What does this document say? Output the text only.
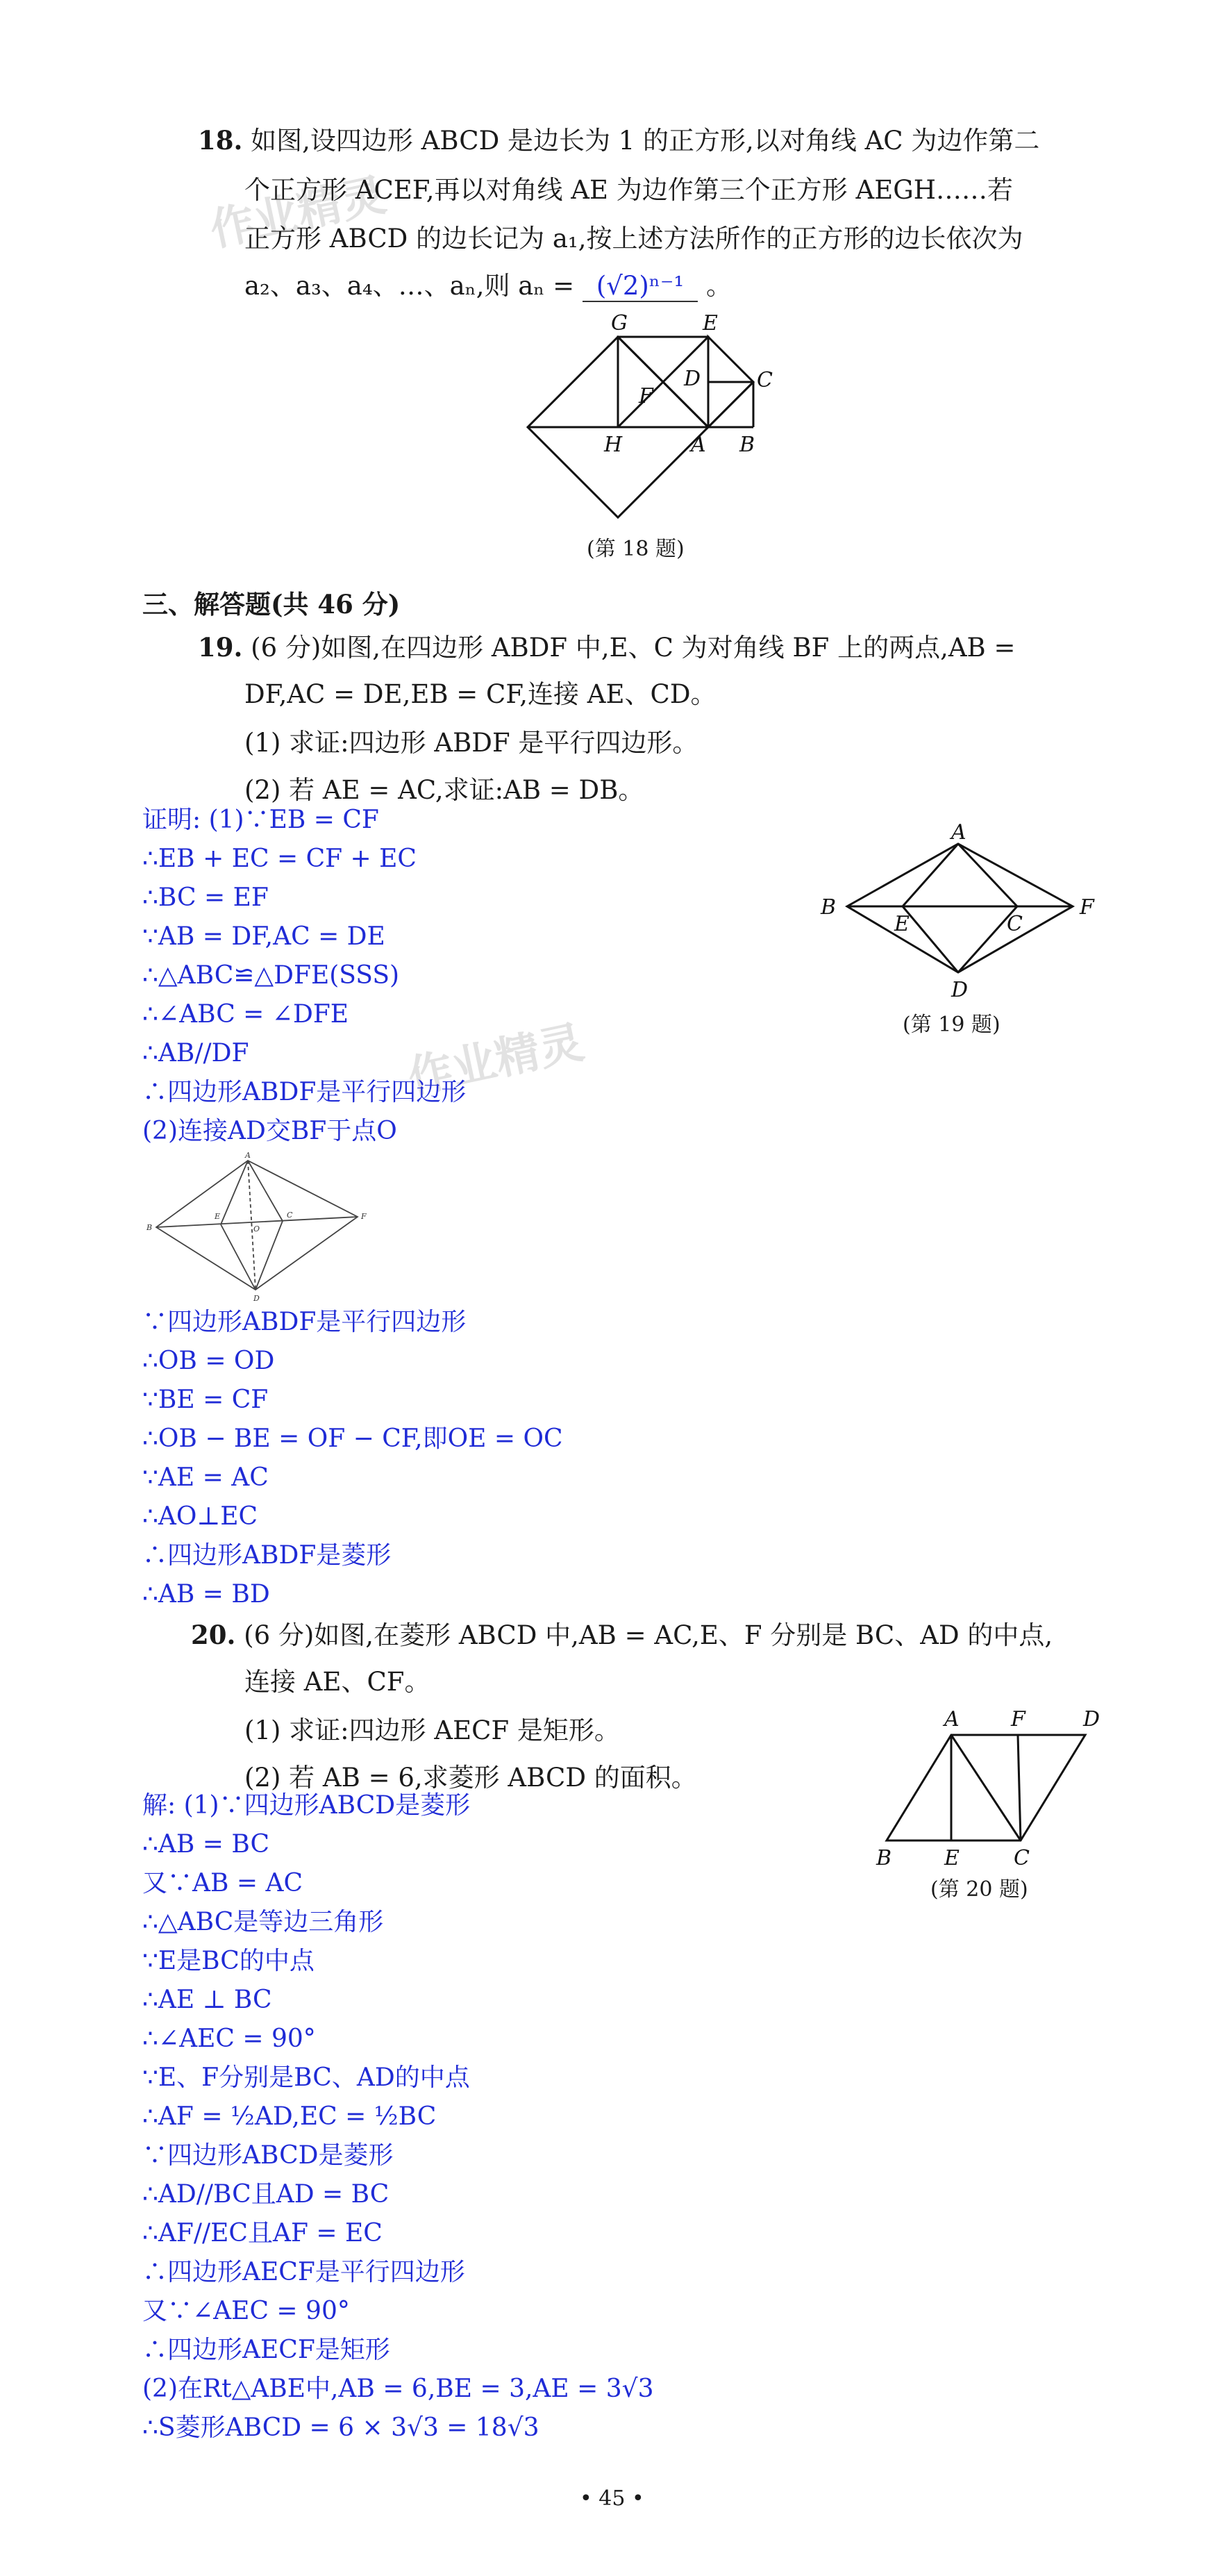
作业精灵
作业精灵
18. 如图,设四边形 ABCD 是边长为 1 的正方形,以对角线 AC 为边作第二
个正方形 ACEF,再以对角线 AE 为边作第三个正方形 AEGH……若
正方形 ABCD 的边长记为 a₁,按上述方法所作的正方形的边长依次为
a₂、a₃、a₄、…、aₙ,则 aₙ = (√2)ⁿ⁻¹ 。
G	E
D	C
F
H	A B
(第 18 题)
三、解答题(共 46 分)
19. (6 分)如图,在四边形 ABDF 中,E、C 为对角线 BF 上的两点,AB =
DF,AC = DE,EB = CF,连接 AE、CD。
(1) 求证:四边形 ABDF 是平行四边形。
(2) 若 AE = AC,求证:AB = DB。
证明: (1)∵EB = CF
∴EB + EC = CF + EC
∴BC = EF
∵AB = DF,AC = DE
∴△ABC≌△DFE(SSS)
∴∠ABC = ∠DFE
∴AB//DF
∴四边形ABDF是平行四边形
(2)连接AD交BF于点O
A
B
E	C
F
D
(第 19 题)
A
B
E
O
C	F
D
∵四边形ABDF是平行四边形
∴OB = OD
∵BE = CF
∴OB − BE = OF − CF,即OE = OC
∵AE = AC
∴AO⊥EC
∴四边形ABDF是菱形
∴AB = BD
20. (6 分)如图,在菱形 ABCD 中,AB = AC,E、F 分别是 BC、AD 的中点,
连接 AE、CF。
(1) 求证:四边形 AECF 是矩形。
(2) 若 AB = 6,求菱形 ABCD 的面积。
A F	D
B	E	C
(第 20 题)
解: (1)∵四边形ABCD是菱形
∴AB = BC
又∵AB = AC
∴△ABC是等边三角形
∵E是BC的中点
∴AE ⊥ BC
∴∠AEC = 90°
∵E、F分别是BC、AD的中点
∴AF = ½AD,EC = ½BC
∵四边形ABCD是菱形
∴AD//BC且AD = BC
∴AF//EC且AF = EC
∴四边形AECF是平行四边形
又∵∠AEC = 90°
∴四边形AECF是矩形
(2)在Rt△ABE中,AB = 6,BE = 3,AE = 3√3
∴S菱形ABCD = 6 × 3√3 = 18√3
• 45 •
